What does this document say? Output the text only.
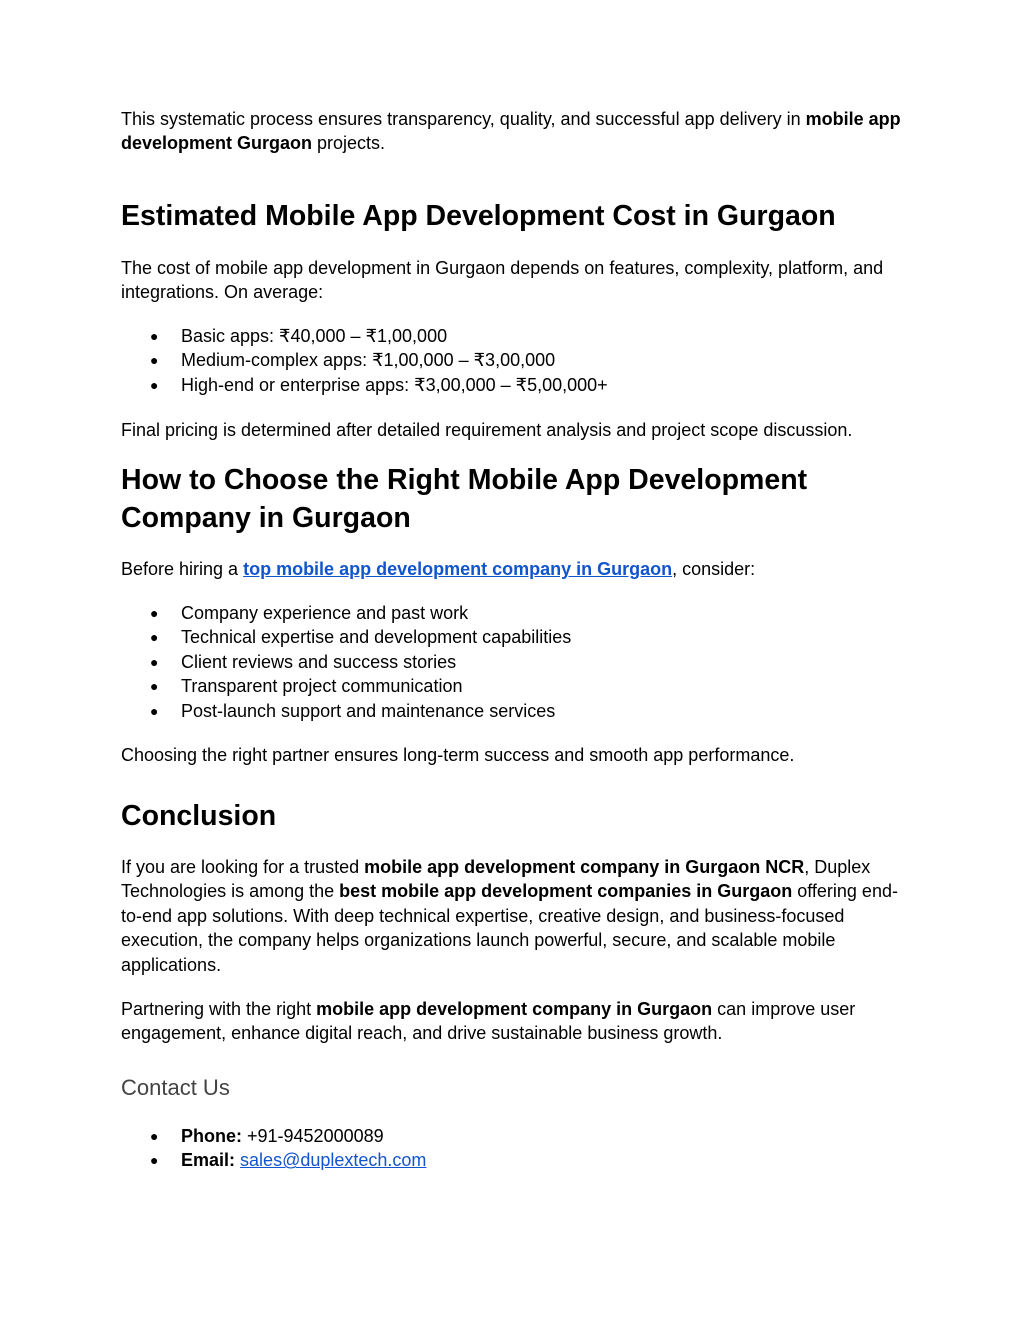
This systematic process ensures transparency, quality, and successful app delivery in mobile app development Gurgaon projects.

Estimated Mobile App Development Cost in Gurgaon

The cost of mobile app development in Gurgaon depends on features, complexity, platform, and integrations. On average:

● Basic apps: ₹40,000 – ₹1,00,000
● Medium-complex apps: ₹1,00,000 – ₹3,00,000
● High-end or enterprise apps: ₹3,00,000 – ₹5,00,000+

Final pricing is determined after detailed requirement analysis and project scope discussion.

How to Choose the Right Mobile App Development Company in Gurgaon

Before hiring a top mobile app development company in Gurgaon, consider:

● Company experience and past work
● Technical expertise and development capabilities
● Client reviews and success stories
● Transparent project communication
● Post-launch support and maintenance services

Choosing the right partner ensures long-term success and smooth app performance.

Conclusion

If you are looking for a trusted mobile app development company in Gurgaon NCR, Duplex Technologies is among the best mobile app development companies in Gurgaon offering end-to-end app solutions. With deep technical expertise, creative design, and business-focused execution, the company helps organizations launch powerful, secure, and scalable mobile applications.

Partnering with the right mobile app development company in Gurgaon can improve user engagement, enhance digital reach, and drive sustainable business growth.

Contact Us
● Phone: +91-9452000089
● Email: sales@duplextech.com
